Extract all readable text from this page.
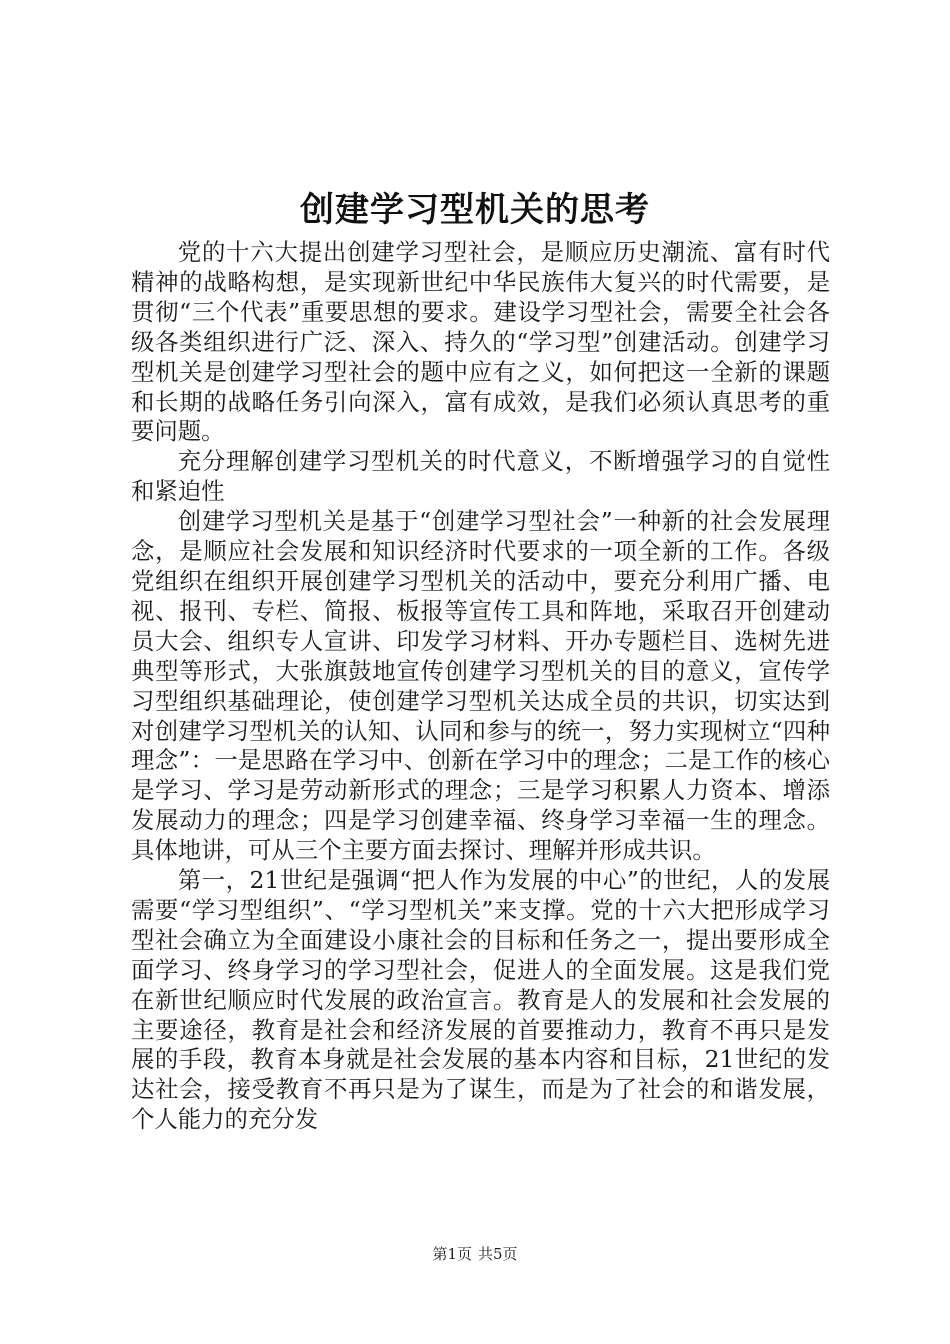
创建学习型机关的思考

党的十六大提出创建学习型社会，是顺应历史潮流、富有时代精神的战略构想，是实现新世纪中华民族伟大复兴的时代需要，是贯彻“三个代表”重要思想的要求。建设学习型社会，需要全社会各级各类组织进行广泛、深入、持久的“学习型”创建活动。创建学习型机关是创建学习型社会的题中应有之义，如何把这一全新的课题和长期的战略任务引向深入，富有成效，是我们必须认真思考的重要问题。

充分理解创建学习型机关的时代意义，不断增强学习的自觉性和紧迫性

创建学习型机关是基于“创建学习型社会”一种新的社会发展理念，是顺应社会发展和知识经济时代要求的一项全新的工作。各级党组织在组织开展创建学习型机关的活动中，要充分利用广播、电视、报刊、专栏、简报、板报等宣传工具和阵地，采取召开创建动员大会、组织专人宣讲、印发学习材料、开办专题栏目、选树先进典型等形式，大张旗鼓地宣传创建学习型机关的目的意义，宣传学习型组织基础理论，使创建学习型机关达成全员的共识，切实达到对创建学习型机关的认知、认同和参与的统一，努力实现树立“四种理念”：一是思路在学习中、创新在学习中的理念；二是工作的核心是学习、学习是劳动新形式的理念；三是学习积累人力资本、增添发展动力的理念；四是学习创建幸福、终身学习幸福一生的理念。具体地讲，可从三个主要方面去探讨、理解并形成共识。

第一，21世纪是强调“把人作为发展的中心”的世纪，人的发展需要“学习型组织”、“学习型机关”来支撑。党的十六大把形成学习型社会确立为全面建设小康社会的目标和任务之一，提出要形成全面学习、终身学习的学习型社会，促进人的全面发展。这是我们党在新世纪顺应时代发展的政治宣言。教育是人的发展和社会发展的主要途径，教育是社会和经济发展的首要推动力，教育不再只是发展的手段，教育本身就是社会发展的基本内容和目标，21世纪的发达社会，接受教育不再只是为了谋生，而是为了社会的和谐发展，个人能力的充分发

第1页 共5页
